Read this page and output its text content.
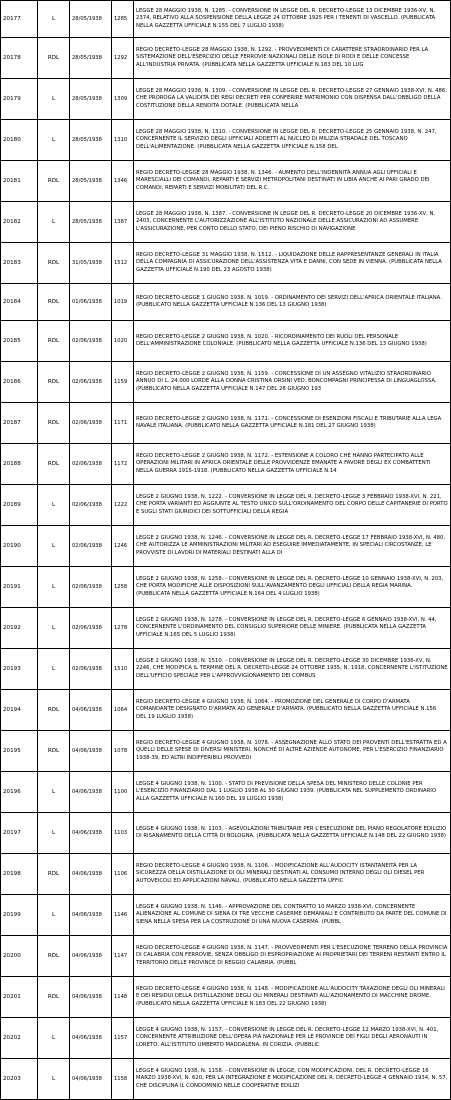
20177	L	28/05/1938	1285	LEGGE 28 MAGGIO 1938, N. 1285. - CONVERSIONE IN LEGGE DEL R. DECRETO-LEGGE 13 DICEMBRE 1936-XV, N. 2374, RELATIVO ALLA SOSPENSIONE DELLA LEGGE 24 OTTOBRE 1925 PER I TENENTI DI VASCELLO. (PUBBLICATA NELLA GAZZETTA UFFICIALE N.155 DEL 7 LUGLIO 1938)
20178	RDL	28/05/1938	1292	REGIO DECRETO-LEGGE 28 MAGGIO 1938, N. 1292. - PROVVEDIMENTI DI CARATTERE STRAORDINARIO PER LA SISTEMAZIONE DELL'ESERCIZIO DELLE FERROVIE NAZIONALI DELLE ISOLE DI RODI E DELLE CONCESSE ALL'INDUSTRIA PRIVATA. (PUBBLICATA NELLA GAZZETTA UFFICIALE N.183 DEL 10 LUG
20179	L	28/05/1938	1309	LEGGE 28 MAGGIO 1938, N. 1309. - CONVERSIONE IN LEGGE DEL R. DECRETO-LEGGE 27 GENNAIO 1938-XVI, N. 486, CHE PROROGA LA VALIDITÀ DEI REGI DECRETI PER CONFERIRE MATRIMONIO CON DISPENSA DALL'OBBLIGO DELLA COSTITUZIONE DELLA RENDITA DOTALE. (PUBBLICATA NELLA
20180	L	28/05/1938	1310	LEGGE 28 MAGGIO 1938, N. 1310. - CONVERSIONE IN LEGGE DEL R. DECRETO-LEGGE 25 GENNAIO 1938, N. 247, CONCERNENTE IL SERVIZIO DEGLI UFFICIALI ADDETTI AL NUCLEO DI MILIZIA STRADALE DEL TOSCANO DELL'ALIMENTAZIONE. (PUBBLICATA NELLA GAZZETTA UFFICIALE N.158 DEL
20181	RDL	28/05/1938	1346	REGIO DECRETO-LEGGE 28 MAGGIO 1938, N. 1346. - AUMENTO DELL'INDENNITÀ ANNUA AGLI UFFICIALI E MARESCIALLI DEI COMANDI, REPARTI E SERVIZI METROPOLITANI DESTINATI IN LIBIA ANCHE AI PARI GRADO DEI COMANDI, REPARTI E SERVIZI MOBILITATI DEL R.C.
20182	L	28/05/1938	1387	LEGGE 28 MAGGIO 1938, N. 1387. - CONVERSIONE IN LEGGE DEL R. DECRETO-LEGGE 20 DICEMBRE 1936-XV, N. 2403, CONCERNENTE L'AUTORIZZAZIONE ALL'ISTITUTO NAZIONALE DELLE ASSICURAZIONI AD ASSUMERE L'ASSICURAZIONE, PER CONTO DELLO STATO, DEI PIENO RISCHIO DI NAVIGAZIONE
20183	RDL	31/05/1938	1512	REGIO DECRETO-LEGGE 31 MAGGIO 1938, N. 1512. - LIQUIDAZIONE DELLE RAPPRESENTANZE GENERALI IN ITALIA DELLA COMPAGNIA DI ASSICURAZIONE DELL'ASSISTENZA VITA E DANNI, CON SEDE IN VIENNA. (PUBBLICATA NELLA GAZZETTA UFFICIALE N.190 DEL 23 AGOSTO 1938)
20184	RDL	01/06/1938	1019	REGIO DECRETO-LEGGE 1 GIUGNO 1938, N. 1019. - ORDINAMENTO DEI SERVIZI DELL'AFRICA ORIENTALE ITALIANA. (PUBBLICATO NELLA GAZZETTA UFFICIALE N.136 DEL 13 GIUGNO 1938)
20185	RDL	02/06/1938	1020	REGIO DECRETO-LEGGE 2 GIUGNO 1938, N. 1020. - RICORDINAMENTO DEI RUOLI DEL PERSONALE DELL'AMMINISTRAZIONE COLONIALE. (PUBBLICATO NELLA GAZZETTA UFFICIALE N.136 DEL 13 GIUGNO 1938)
20186	RDL	02/06/1938	1159	REGIO DECRETO-LEGGE 2 GIUGNO 1938, N. 1159. - CONCESSIONE DI UN ASSEGNO VITALIZIO STRAORDINARIO ANNUO DI L. 24.000 LORDE ALLA DONNA CRISTINA ORSINI VED. BONCOMPAGNI PRINCIPESSA DI LINGUAGLOSSA. (PUBBLICATO NELLA GAZZETTA UFFICIALE N.147 DEL 28 GIUGNO 193
20187	RDL	02/06/1938	1171	REGIO DECRETO-LEGGE 2 GIUGNO 1938, N. 1171. - CONCESSIONE DI ESENZIONI FISCALI E TRIBUTARIE ALLA LEGA NAVALE ITALIANA. (PUBBLICATO NELLA GAZZETTA UFFICIALE N.181 DEL 27 GIUGNO 1938)
20188	RDL	02/06/1938	1172	REGIO DECRETO-LEGGE 2 GIUGNO 1938, N. 1172. - ESTENSIONE A COLORO CHE HANNO PARTECIPATO ALLE OPERAZIONI MILITARI IN AFRICA ORIENTALE DELLE PROVVIDENZE EMANATE A FAVORE DEGLI EX COMBATTENTI NELLA GUERRA 1915-1918. (PUBBLICATO NELLA GAZZETTA UFFICIALE N.14
20189	L	02/06/1938	1222	LEGGE 2 GIUGNO 1938, N. 1222. - CONVERSIONE IN LEGGE DEL R. DECRETO-LEGGE 3 FEBBRAIO 1938-XVI, N. 221, CHE PORTA VARIANTI ED AGGIUNTE AL TESTO UNICO SULL'ORDINAMENTO DEL CORPO DELLE CAPITANERIE DI PORTO E SUGLI STATI GIURIDICI DEI SOTTUFFICIALI DELLA REGIA
20190	L	02/06/1938	1246	LEGGE 2 GIUGNO 1938, N. 1246. - CONVERSIONE IN LEGGE DEL R. DECRETO-LEGGE 17 FEBBRAIO 1938-XVI, N. 480, CHE AUTORIZZA LE AMMINISTRAZIONI MILITARI AD ESEGUIRE IMMEDIATAMENTE, IN SPECIALI CIRCOSTANZE, LE PROVVISTE DI LAVORI DI MATERIALI DESTINATI ALLA DI
20191	L	02/06/1938	1258	LEGGE 2 GIUGNO 1938, N. 1258. - CONVERSIONE IN LEGGE DEL R. DECRETO-LEGGE 10 GENNAIO 1938-XVI, N. 203, CHE PORTA MODIFICHE ALLE DISPOSIZIONI SULL'AVANZAMENTO DEGLI UFFICIALI DELLA REGIA MARINA. (PUBBLICATA NELLA GAZZETTA UFFICIALE N.164 DEL 4 LUGLIO 1938)
20192	L	02/06/1938	1278	LEGGE 2 GIUGNO 1938, N. 1278. - CONVERSIONE IN LEGGE DEL R. DECRETO-LEGGE 6 GENNAIO 1938-XVI, N. 44, CONCERNENTE L'ORDINAMENTO DEL CONSIGLIO SUPERIORE DELLE MINIERE. (PUBBLICATA NELLA GAZZETTA UFFICIALE N.165 DEL 5 LUGLIO 1938)
20193	L	02/06/1938	1510	LEGGE 2 GIUGNO 1938, N. 1510. - CONVERSIONE IN LEGGE DEL R. DECRETO-LEGGE 30 DICEMBRE 1936-XV, N. 2246, CHE MODIFICA IL TERMINE DEL R. DECRETO-LEGGE 24 OTTOBRE 1935, N. 1918, CONCERNENTE L'ISTITUZIONE DELL'UFFICIO SPECIALE PER L'APPROVVIGIONAMENTO DEI COMBUS
20194	RDL	04/06/1938	1064	REGIO DECRETO-LEGGE 4 GIUGNO 1938, N. 1064. - PROMOZIONE DEL GENERALE DI CORPO D'ARMATA COMANDANTE DESIGNATO D'ARMATA AD GENERALE D'ARMATA. (PUBBLICATO NELLA GAZZETTA UFFICIALE N.156 DEL 19 LUGLIO 1938)
20195	RDL	04/06/1938	1078	REGIO DECRETO-LEGGE 4 GIUGNO 1938, N. 1078. - ASSEGNAZIONE ALLO STATO DEI PROVENTI DELL'ESTRATTA ED A QUELLI DELLE SPESE DI DIVERSI MINISTERI, NONCHÉ DI ALTRE AZIENDE AUTONOME, PER L'ESERCIZIO FINANZIARIO 1938-39, ED ALTRI INDIFFERIBILI PROVVEDI
20196	L	04/06/1938	1100	LEGGE 4 GIUGNO 1938, N. 1100. - STATO DI PREVISIONE DELLA SPESA DEL MINISTERO DELLE COLONIE PER L'ESERCIZIO FINANZIARIO DAL 1 LUGLIO 1938 AL 30 GIUGNO 1939. (PUBBLICATA NEL SUPPLEMENTO ORDINARIO ALLA GAZZETTA UFFICIALE N.160 DEL 19 LUGLIO 1938)
20197	L	04/06/1938	1103	LEGGE 4 GIUGNO 1938, N. 1103. - AGEVOLAZIONI TRIBUTARIE PER L'ESECUZIONE DEL PIANO REGOLATORE EDILIZIO DI RISANAMENTO DELLA CITTÀ DI BOLOGNA. (PUBBLICATA NELLA GAZZETTA UFFICIALE N.148 DEL 22 GIUGNO 1938)
20198	RDL	04/06/1938	1106	REGIO DECRETO-LEGGE 4 GIUGNO 1938, N. 1106. - MODIFICAZIONE ALL'AUDOCITY ISTANTANEITÀ PER LA SICUREZZA DELLA DISTILLAZIONE DI OLI MINERALI DESTINATI AL CONSUMO INTERNO DEGLI OLI DIESEL PER AUTOVEICOLI ED APPLICAZIONI NAVALI. (PUBBLICATO NELLA GAZZETTA UFFIC
20199	L	04/06/1938	1146	LEGGE 4 GIUGNO 1938, N. 1146. - APPROVAZIONE DEL CONTRATTO 10 MARZO 1938-XVI, CONCERNENTE ALIENAZIONE AL COMUNE DI SIENA DI TRE VECCHIE CASERME DEMANIALI E CONTRIBUTO DA PARTE DEL COMUNE DI SIENA NELLA SPESA PER LA COSTRUZIONE DI UNA NUOVA CASERMA. (PUBBL
20200	RDL	04/06/1938	1147	REGIO DECRETO-LEGGE 4 GIUGNO 1938, N. 1147. - PROVVEDIMENTI PER L'ESECUZIONE TERRENO DELLA PROVINCIA DI CALABRIA CON FERROVIE, SENZA OBBLIGO DI ESPROPRIAZIONE AI PROPRIETARI DEI TERRENI RESTANTI ENTRO IL TERRITORIO DELLE PROVINCE DI REGGIO CALABRIA. (PUBBL
20201	RDL	04/06/1938	1148	REGIO DECRETO-LEGGE 4 GIUGNO 1938, N. 1148. - MODIFICAZIONE ALL'AUDOCITY TAXAZIONE DEGLI OLI MINERALI E DEI RESIDUI DELLA DISTILLAZIONE DEGLI OLI MINERALI DESTINATI ALL'AZIONAMENTO DI MACCHINE DROME. (PUBBLICATO NELLA GAZZETTA UFFICIALE N.183 DEL 22 GIUGNO 1938)
20202	L	04/06/1938	1157	LEGGE 4 GIUGNO 1938, N. 1157. - CONVERSIONE IN LEGGE DEL R. DECRETO-LEGGE 12 MARZO 1938-XVI, N. 401, CONCERNENTE ATTRIBUZIONE DELL'OPERA PIA NAZIONALE PER LE PROVINCIE DEI FIGLI DEGLI AERONAUTI IN LORETO, ALL'ISTITUTO UMBERTO MADDALENA, IN CORIZIA. (PUBBLIC
20203	L	04/06/1938	1158	LEGGE 4 GIUGNO 1938, N. 1158. - CONVERSIONE IN LEGGE, CON MODIFICAZIONI, DEL R. DECRETO-LEGGE 16 MARZO 1938-XVI, N. 620, PER LA INTEGRAZIONE E MODIFICAZIONE DEL R. DECRETO-LEGGE 4 GENNAIO 1934, N. 57, CHE DISCIPLINA IL CONDOMINIO NELLE COOPERATIVE EDILIZI
